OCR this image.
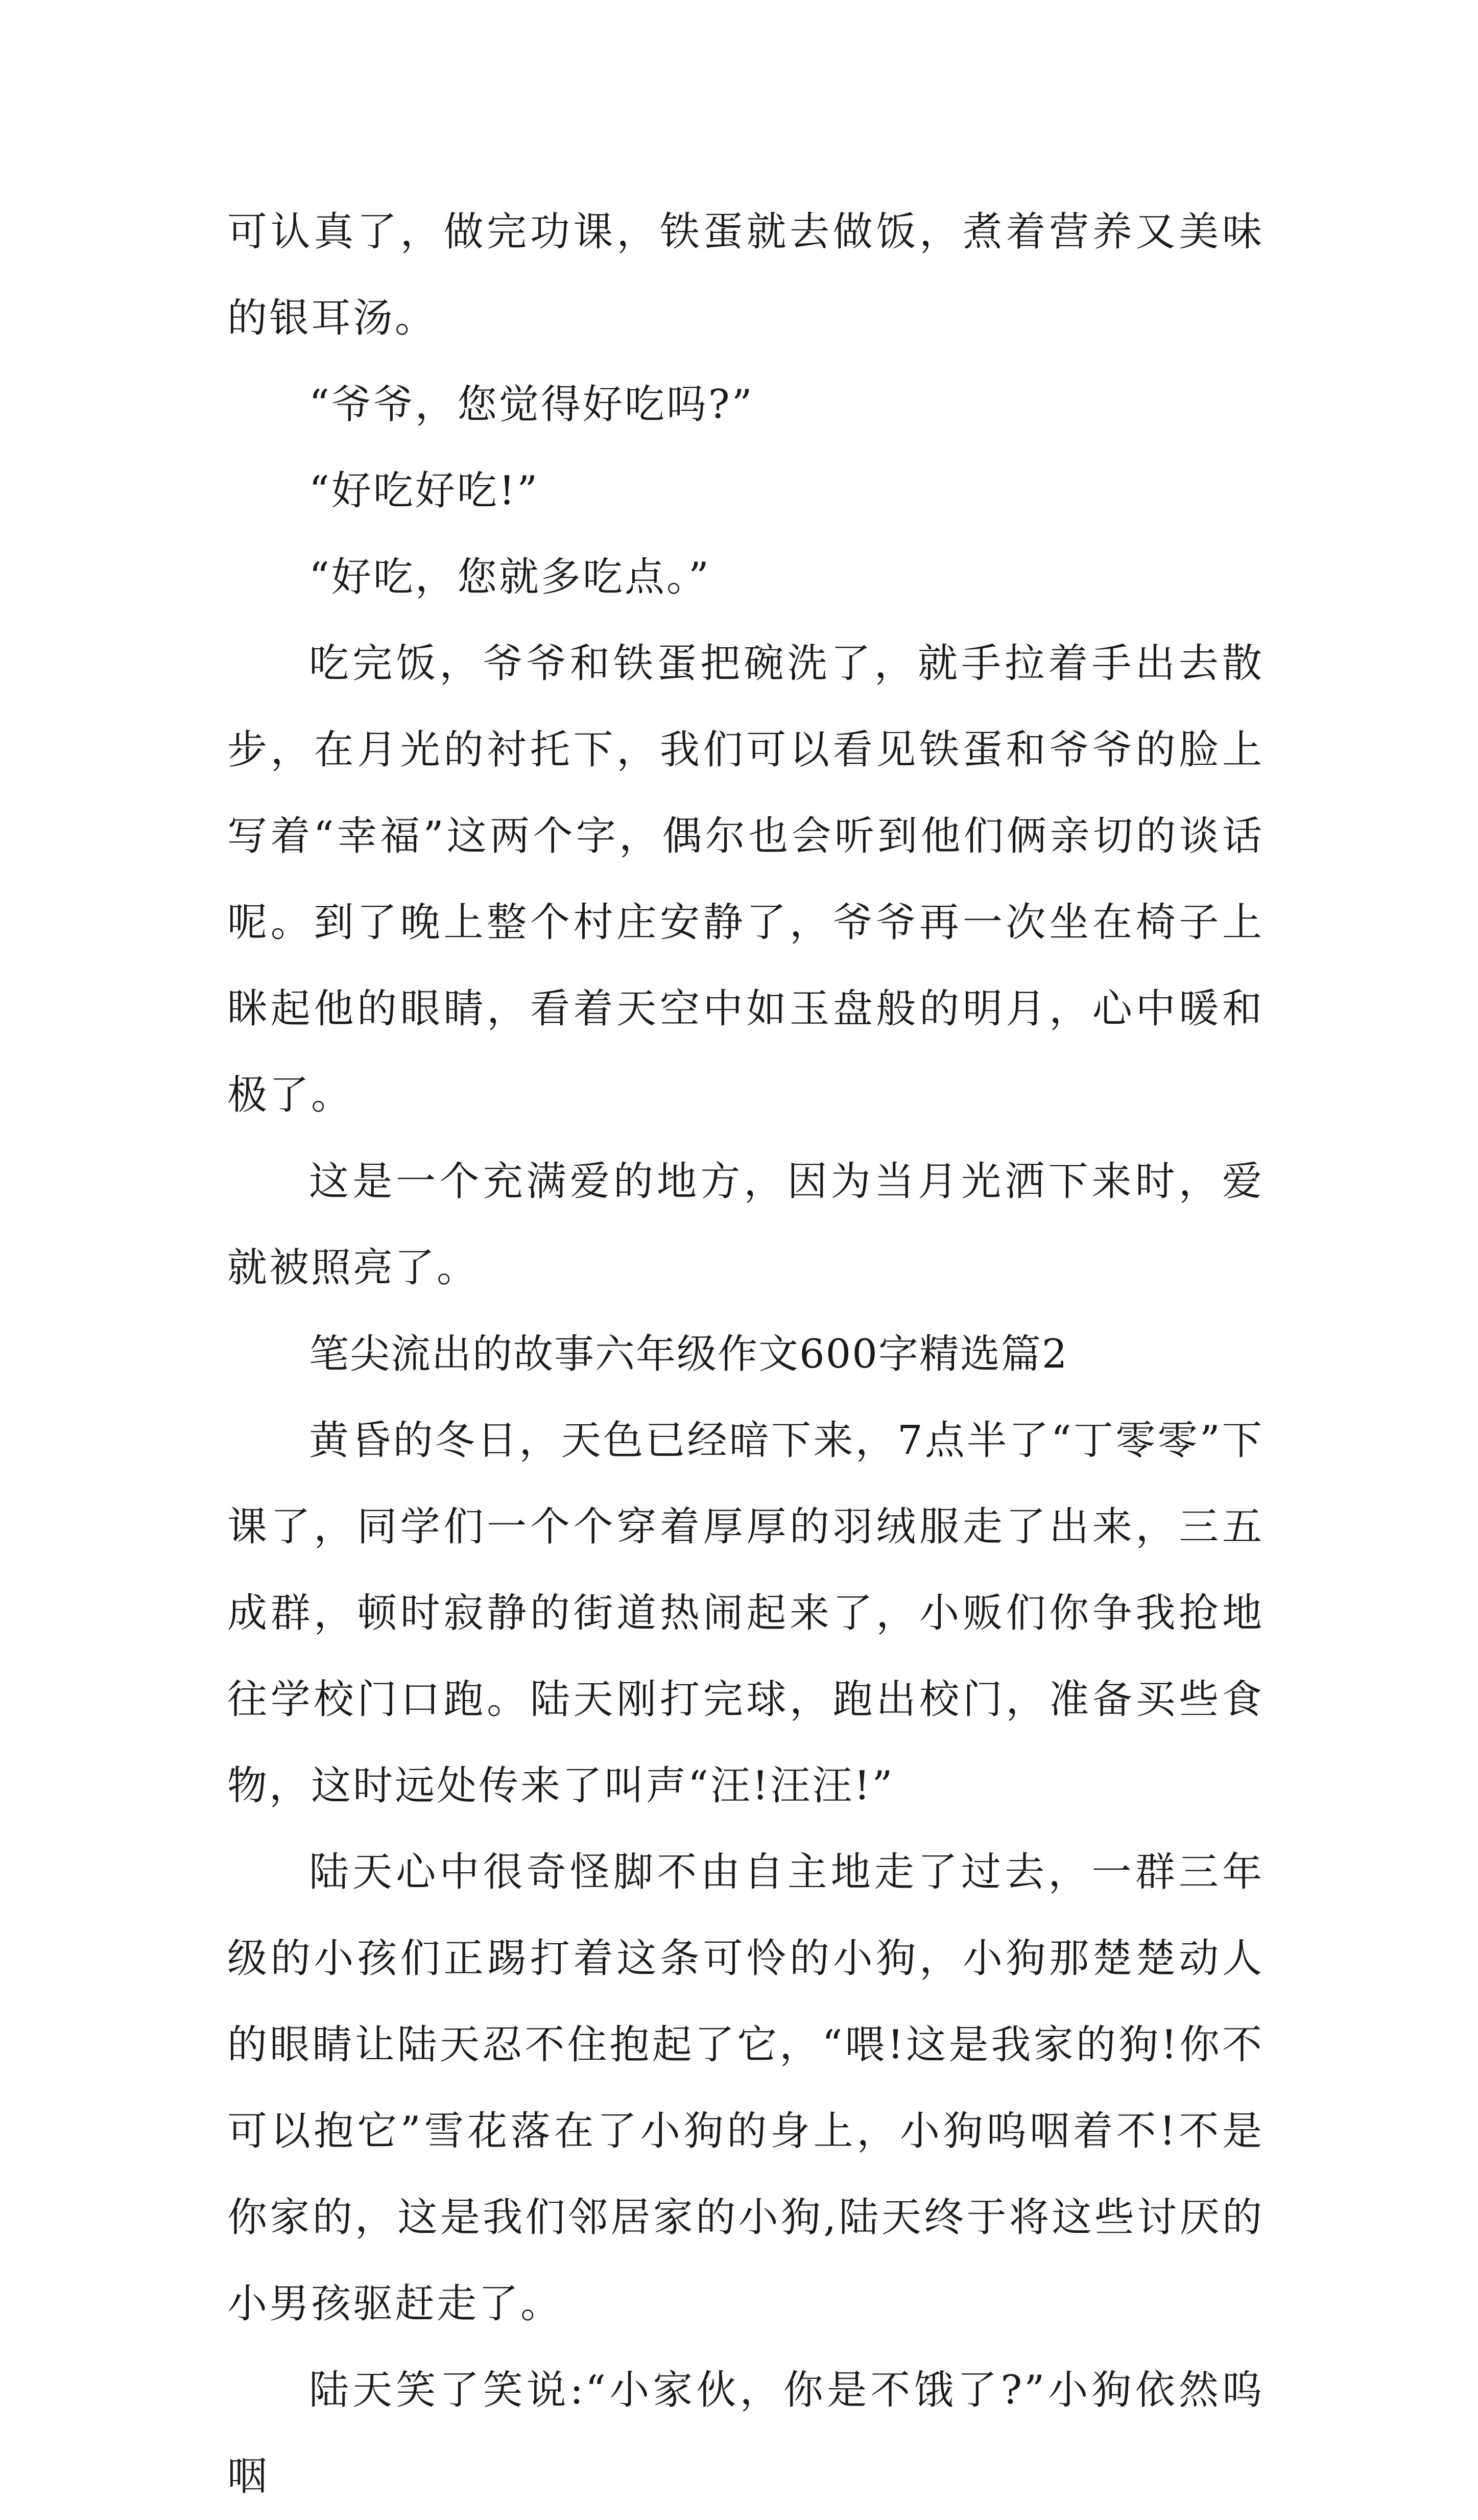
可认真了，做完功课，铁蛋就去做饭，煮着营养又美味的银耳汤。

“爷爷，您觉得好吃吗?”

“好吃好吃!”

“好吃，您就多吃点。”

吃完饭，爷爷和铁蛋把碗洗了，就手拉着手出去散步，在月光的衬托下，我们可以看见铁蛋和爷爷的脸上写着“幸福”这两个字，偶尔也会听到他们俩亲切的谈话呢。到了晚上整个村庄安静了，爷爷再一次坐在椅子上眯起他的眼睛，看着天空中如玉盘般的明月，心中暖和极了。

这是一个充满爱的地方，因为当月光洒下来时，爱就被照亮了。

笔尖流出的故事六年级作文600字精选篇2

黄昏的冬日，天色已经暗下来，7点半了“丁零零”下课了，同学们一个个穿着厚厚的羽绒服走了出来，三五成群，顿时寂静的街道热闹起来了，小贩们你争我抢地往学校门口跑。陆天刚打完球，跑出校门，准备买些食物，这时远处传来了叫声“汪!汪汪!”

陆天心中很奇怪脚不由自主地走了过去，一群三年级的小孩们正踢打着这条可怜的小狗，小狗那楚楚动人的眼睛让陆天忍不住抱起了它，“喂!这是我家的狗!你不可以抱它”雪花落在了小狗的身上，小狗呜咽着不!不是你家的，这是我们邻居家的小狗,陆天终于将这些讨厌的小男孩驱赶走了。

陆天笑了笑说:“小家伙，你是不饿了?”小狗依然呜咽
